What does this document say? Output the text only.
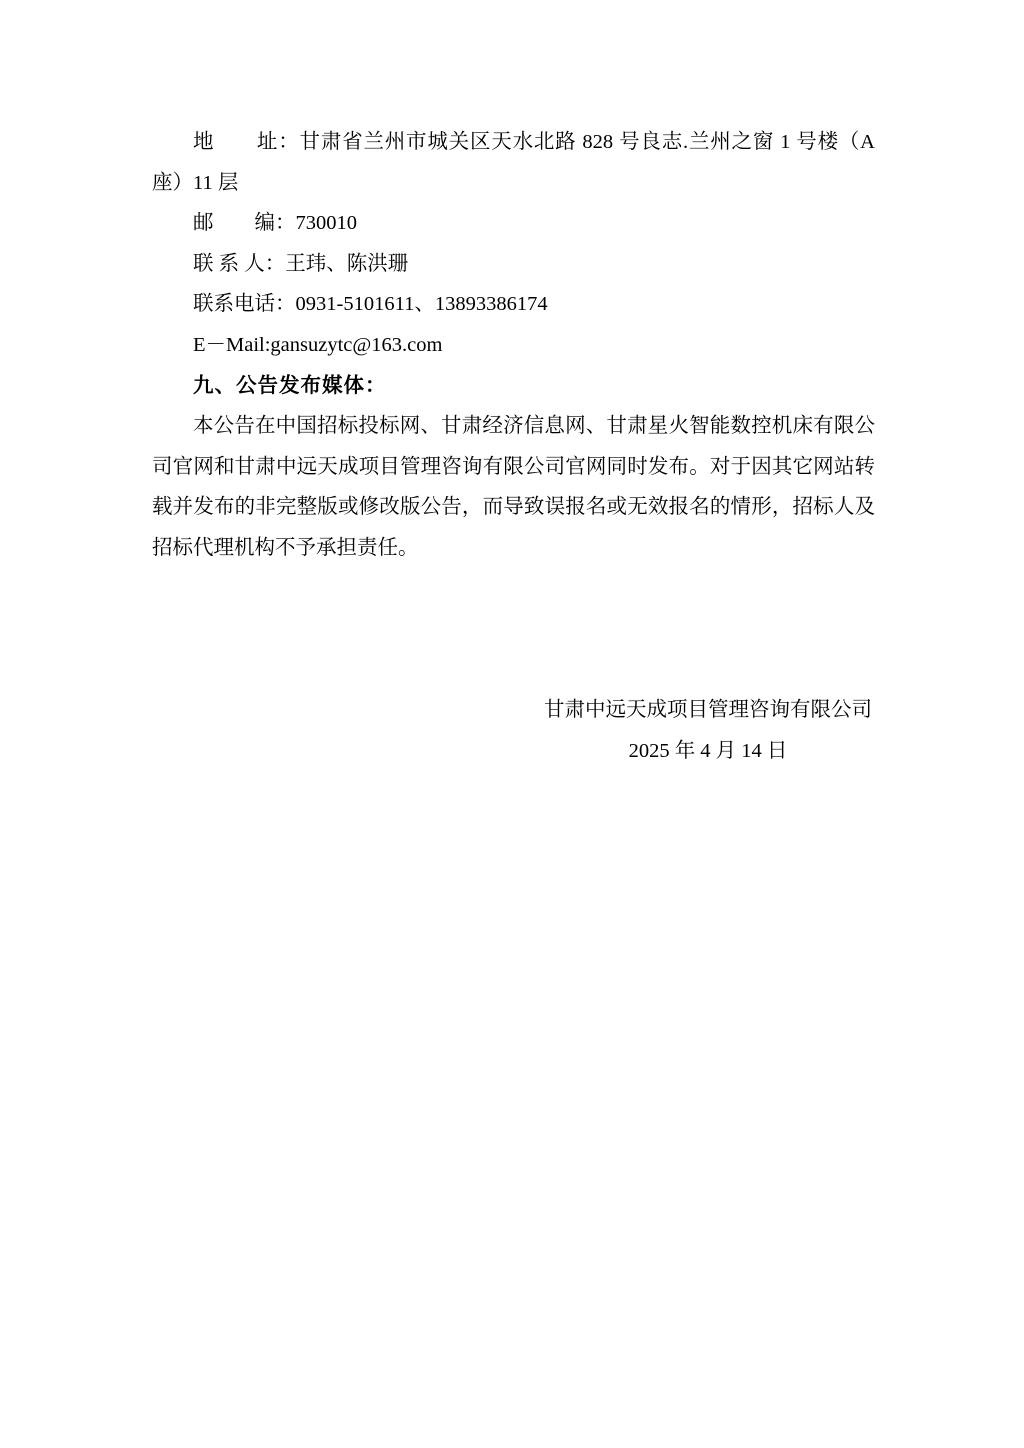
地　　址：甘肃省兰州市城关区天水北路 828 号良志.兰州之窗 1 号楼（A

座）11 层

邮　　编：730010

联 系 人：王玮、陈洪珊

联系电话：0931-5101611、13893386174

E－Mail:gansuzytc@163.com

九、公告发布媒体：

本公告在中国招标投标网、甘肃经济信息网、甘肃星火智能数控机床有限公

司官网和甘肃中远天成项目管理咨询有限公司官网同时发布。对于因其它网站转

载并发布的非完整版或修改版公告，而导致误报名或无效报名的情形，招标人及

招标代理机构不予承担责任。

甘肃中远天成项目管理咨询有限公司

2025 年 4 月 14 日
